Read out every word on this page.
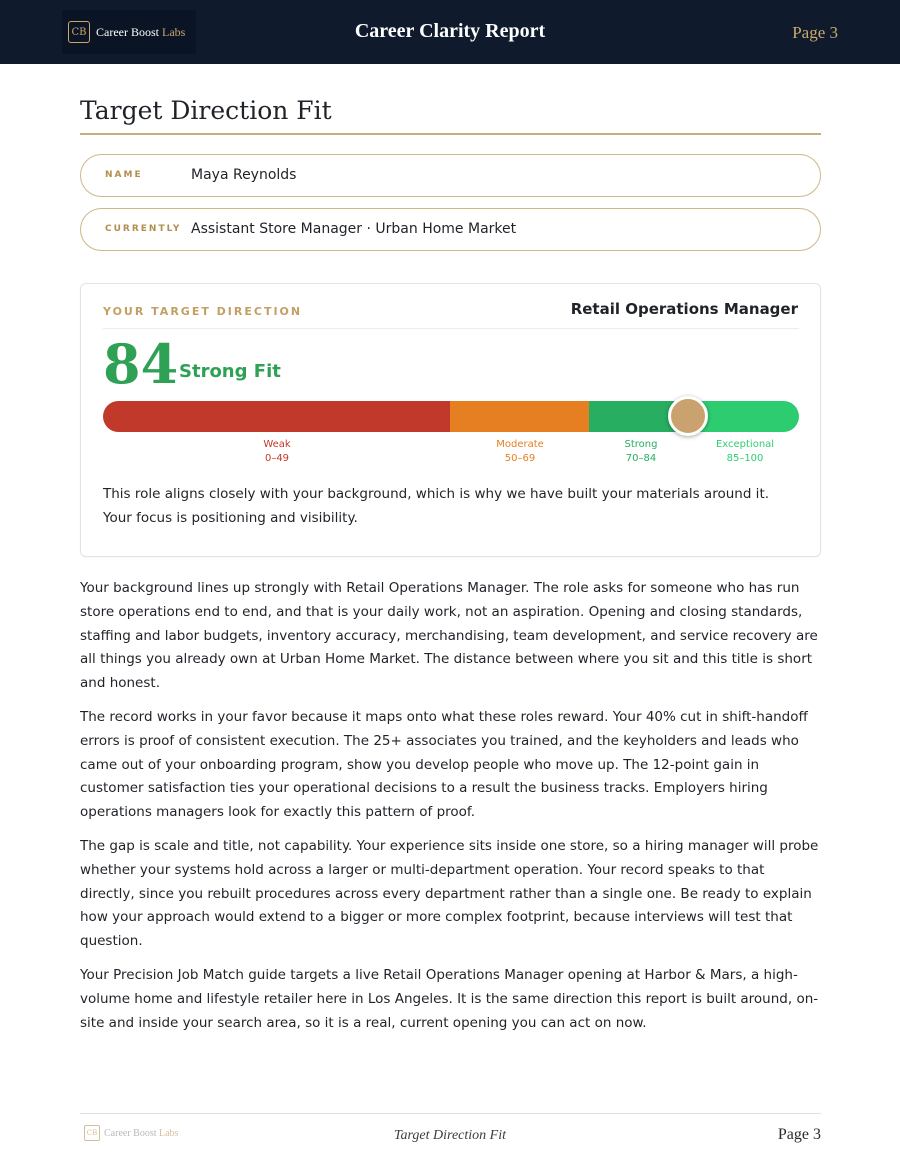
CB Career Boost Labs	Career Clarity Report	Page 3
Target Direction Fit
NAME	Maya Reynolds
CURRENTLY Assistant Store Manager · Urban Home Market
YOUR TARGET DIRECTION	Retail Operations Manager
84 Strong Fit
Weak
0–49
Moderate
50–69
Strong
70–84
Exceptional
85–100
This role aligns closely with your background, which is why we have built your materials around it. Your focus is positioning and visibility.

Your background lines up strongly with Retail Operations Manager. The role asks for someone who has run store operations end to end, and that is your daily work, not an aspiration. Opening and closing standards, staffing and labor budgets, inventory accuracy, merchandising, team development, and service recovery are all things you already own at Urban Home Market. The distance between where you sit and this title is short and honest.

The record works in your favor because it maps onto what these roles reward. Your 40% cut in shift-handoff errors is proof of consistent execution. The 25+ associates you trained, and the keyholders and leads who came out of your onboarding program, show you develop people who move up. The 12-point gain in customer satisfaction ties your operational decisions to a result the business tracks. Employers hiring operations managers look for exactly this pattern of proof.

The gap is scale and title, not capability. Your experience sits inside one store, so a hiring manager will probe whether your systems hold across a larger or multi-department operation. Your record speaks to that directly, since you rebuilt procedures across every department rather than a single one. Be ready to explain how your approach would extend to a bigger or more complex footprint, because interviews will test that question.

Your Precision Job Match guide targets a live Retail Operations Manager opening at Harbor & Mars, a high-volume home and lifestyle retailer here in Los Angeles. It is the same direction this report is built around, on-site and inside your search area, so it is a real, current opening you can act on now.

CB Career Boost Labs	Target Direction Fit	Page 3
